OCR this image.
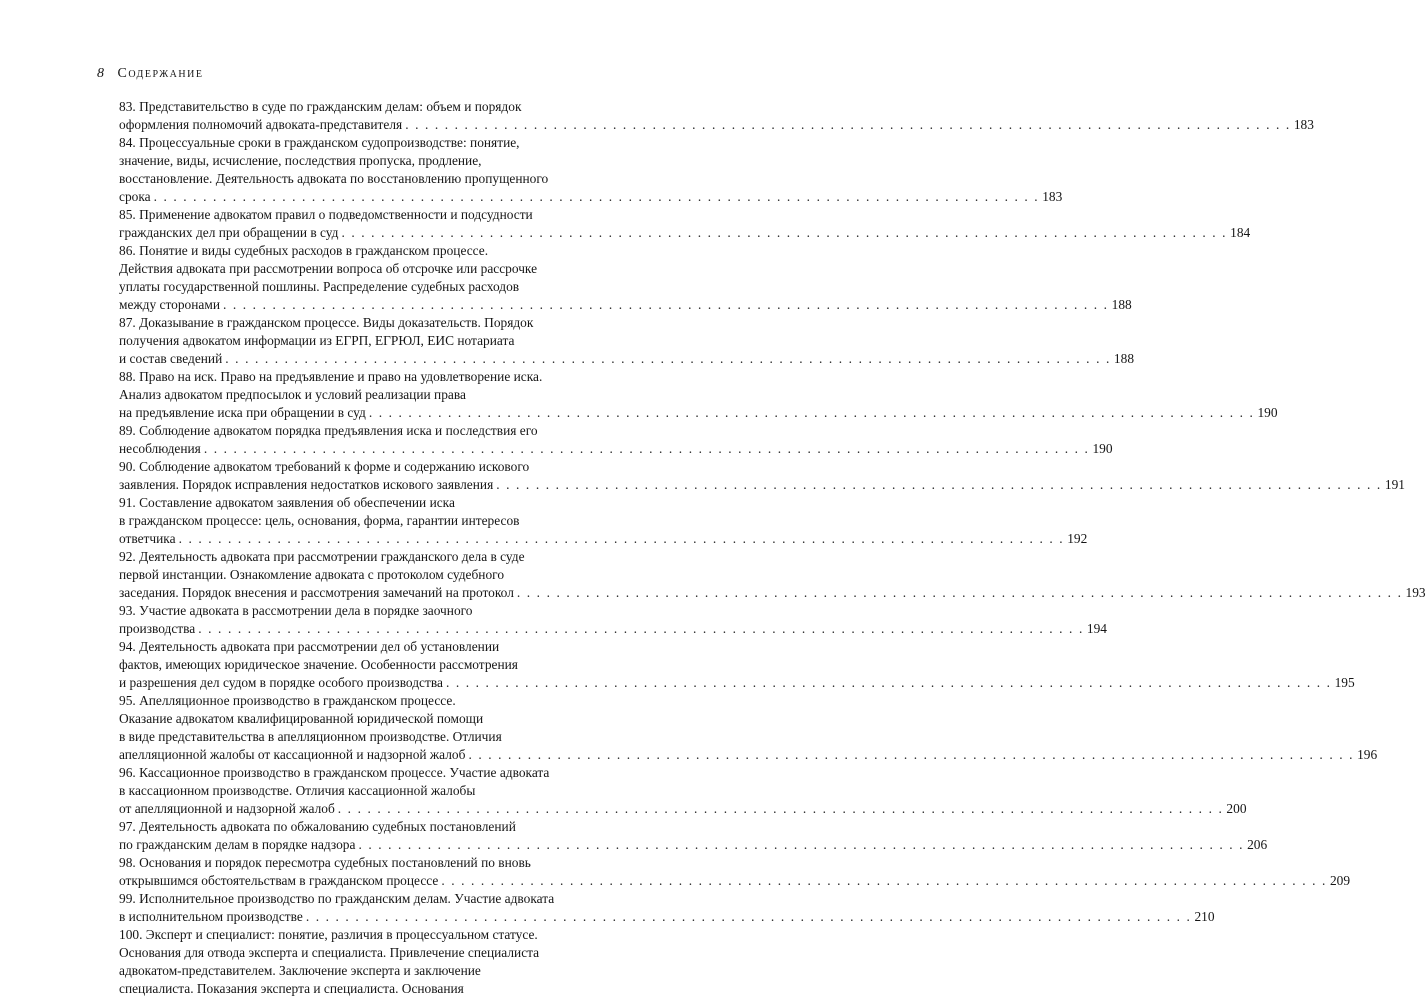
8 Содержание
83. Представительство в суде по гражданским делам: объем и порядок
оформления полномочий адвоката-представителя . . . . . . . . . . . . . . . . . . . . . . . . . . . . . . . . . . . . . . . . . . . . . . . . . . . . . . . . . . . . . . . . . . . . . . . . . . . . . . . . . . . . . . . . . . 183
84. Процессуальные сроки в гражданском судопроизводстве: понятие,
значение, виды, исчисление, последствия пропуска, продление,
восстановление. Деятельность адвоката по восстановлению пропущенного
срока . . . . . . . . . . . . . . . . . . . . . . . . . . . . . . . . . . . . . . . . . . . . . . . . . . . . . . . . . . . . . . . . . . . . . . . . . . . . . . . . . . . . . . . . . . 183
85. Применение адвокатом правил о подведомственности и подсудности
гражданских дел при обращении в суд . . . . . . . . . . . . . . . . . . . . . . . . . . . . . . . . . . . . . . . . . . . . . . . . . . . . . . . . . . . . . . . . . . . . . . . . . . . . . . . . . . . . . . . . . . 184
86. Понятие и виды судебных расходов в гражданском процессе.
Действия адвоката при рассмотрении вопроса об отсрочке или рассрочке
уплаты государственной пошлины. Распределение судебных расходов
между сторонами . . . . . . . . . . . . . . . . . . . . . . . . . . . . . . . . . . . . . . . . . . . . . . . . . . . . . . . . . . . . . . . . . . . . . . . . . . . . . . . . . . . . . . . . . . 188
87. Доказывание в гражданском процессе. Виды доказательств. Порядок
получения адвокатом информации из ЕГРП, ЕГРЮЛ, ЕИС нотариата
и состав сведений . . . . . . . . . . . . . . . . . . . . . . . . . . . . . . . . . . . . . . . . . . . . . . . . . . . . . . . . . . . . . . . . . . . . . . . . . . . . . . . . . . . . . . . . . . 188
88. Право на иск. Право на предъявление и право на удовлетворение иска.
Анализ адвокатом предпосылок и условий реализации права
на предъявление иска при обращении в суд . . . . . . . . . . . . . . . . . . . . . . . . . . . . . . . . . . . . . . . . . . . . . . . . . . . . . . . . . . . . . . . . . . . . . . . . . . . . . . . . . . . . . . . . . . 190
89. Соблюдение адвокатом порядка предъявления иска и последствия его
несоблюдения . . . . . . . . . . . . . . . . . . . . . . . . . . . . . . . . . . . . . . . . . . . . . . . . . . . . . . . . . . . . . . . . . . . . . . . . . . . . . . . . . . . . . . . . . . 190
90. Соблюдение адвокатом требований к форме и содержанию искового
заявления. Порядок исправления недостатков искового заявления . . . . . . . . . . . . . . . . . . . . . . . . . . . . . . . . . . . . . . . . . . . . . . . . . . . . . . . . . . . . . . . . . . . . . . . . . . . . . . . . . . . . . . . . . . 191
91. Составление адвокатом заявления об обеспечении иска
в гражданском процессе: цель, основания, форма, гарантии интересов
ответчика . . . . . . . . . . . . . . . . . . . . . . . . . . . . . . . . . . . . . . . . . . . . . . . . . . . . . . . . . . . . . . . . . . . . . . . . . . . . . . . . . . . . . . . . . . 192
92. Деятельность адвоката при рассмотрении гражданского дела в суде
первой инстанции. Ознакомление адвоката с протоколом судебного
заседания. Порядок внесения и рассмотрения замечаний на протокол . . . . . . . . . . . . . . . . . . . . . . . . . . . . . . . . . . . . . . . . . . . . . . . . . . . . . . . . . . . . . . . . . . . . . . . . . . . . . . . . . . . . . . . . . . 193
93. Участие адвоката в рассмотрении дела в порядке заочного
производства . . . . . . . . . . . . . . . . . . . . . . . . . . . . . . . . . . . . . . . . . . . . . . . . . . . . . . . . . . . . . . . . . . . . . . . . . . . . . . . . . . . . . . . . . . 194
94. Деятельность адвоката при рассмотрении дел об установлении
фактов, имеющих юридическое значение. Особенности рассмотрения
и разрешения дел судом в порядке особого производства . . . . . . . . . . . . . . . . . . . . . . . . . . . . . . . . . . . . . . . . . . . . . . . . . . . . . . . . . . . . . . . . . . . . . . . . . . . . . . . . . . . . . . . . . . 195
95. Апелляционное производство в гражданском процессе.
Оказание адвокатом квалифицированной юридической помощи
в виде представительства в апелляционном производстве. Отличия
апелляционной жалобы от кассационной и надзорной жалоб . . . . . . . . . . . . . . . . . . . . . . . . . . . . . . . . . . . . . . . . . . . . . . . . . . . . . . . . . . . . . . . . . . . . . . . . . . . . . . . . . . . . . . . . . . 196
96. Кассационное производство в гражданском процессе. Участие адвоката
в кассационном производстве. Отличия кассационной жалобы
от апелляционной и надзорной жалоб . . . . . . . . . . . . . . . . . . . . . . . . . . . . . . . . . . . . . . . . . . . . . . . . . . . . . . . . . . . . . . . . . . . . . . . . . . . . . . . . . . . . . . . . . . 200
97. Деятельность адвоката по обжалованию судебных постановлений
по гражданским делам в порядке надзора . . . . . . . . . . . . . . . . . . . . . . . . . . . . . . . . . . . . . . . . . . . . . . . . . . . . . . . . . . . . . . . . . . . . . . . . . . . . . . . . . . . . . . . . . . 206
98. Основания и порядок пересмотра судебных постановлений по вновь
открывшимся обстоятельствам в гражданском процессе . . . . . . . . . . . . . . . . . . . . . . . . . . . . . . . . . . . . . . . . . . . . . . . . . . . . . . . . . . . . . . . . . . . . . . . . . . . . . . . . . . . . . . . . . . 209
99. Исполнительное производство по гражданским делам. Участие адвоката
в исполнительном производстве . . . . . . . . . . . . . . . . . . . . . . . . . . . . . . . . . . . . . . . . . . . . . . . . . . . . . . . . . . . . . . . . . . . . . . . . . . . . . . . . . . . . . . . . . . 210
100. Эксперт и специалист: понятие, различия в процессуальном статусе.
Основания для отвода эксперта и специалиста. Привлечение специалиста
адвокатом-представителем. Заключение эксперта и заключение
специалиста. Показания эксперта и специалиста. Основания
